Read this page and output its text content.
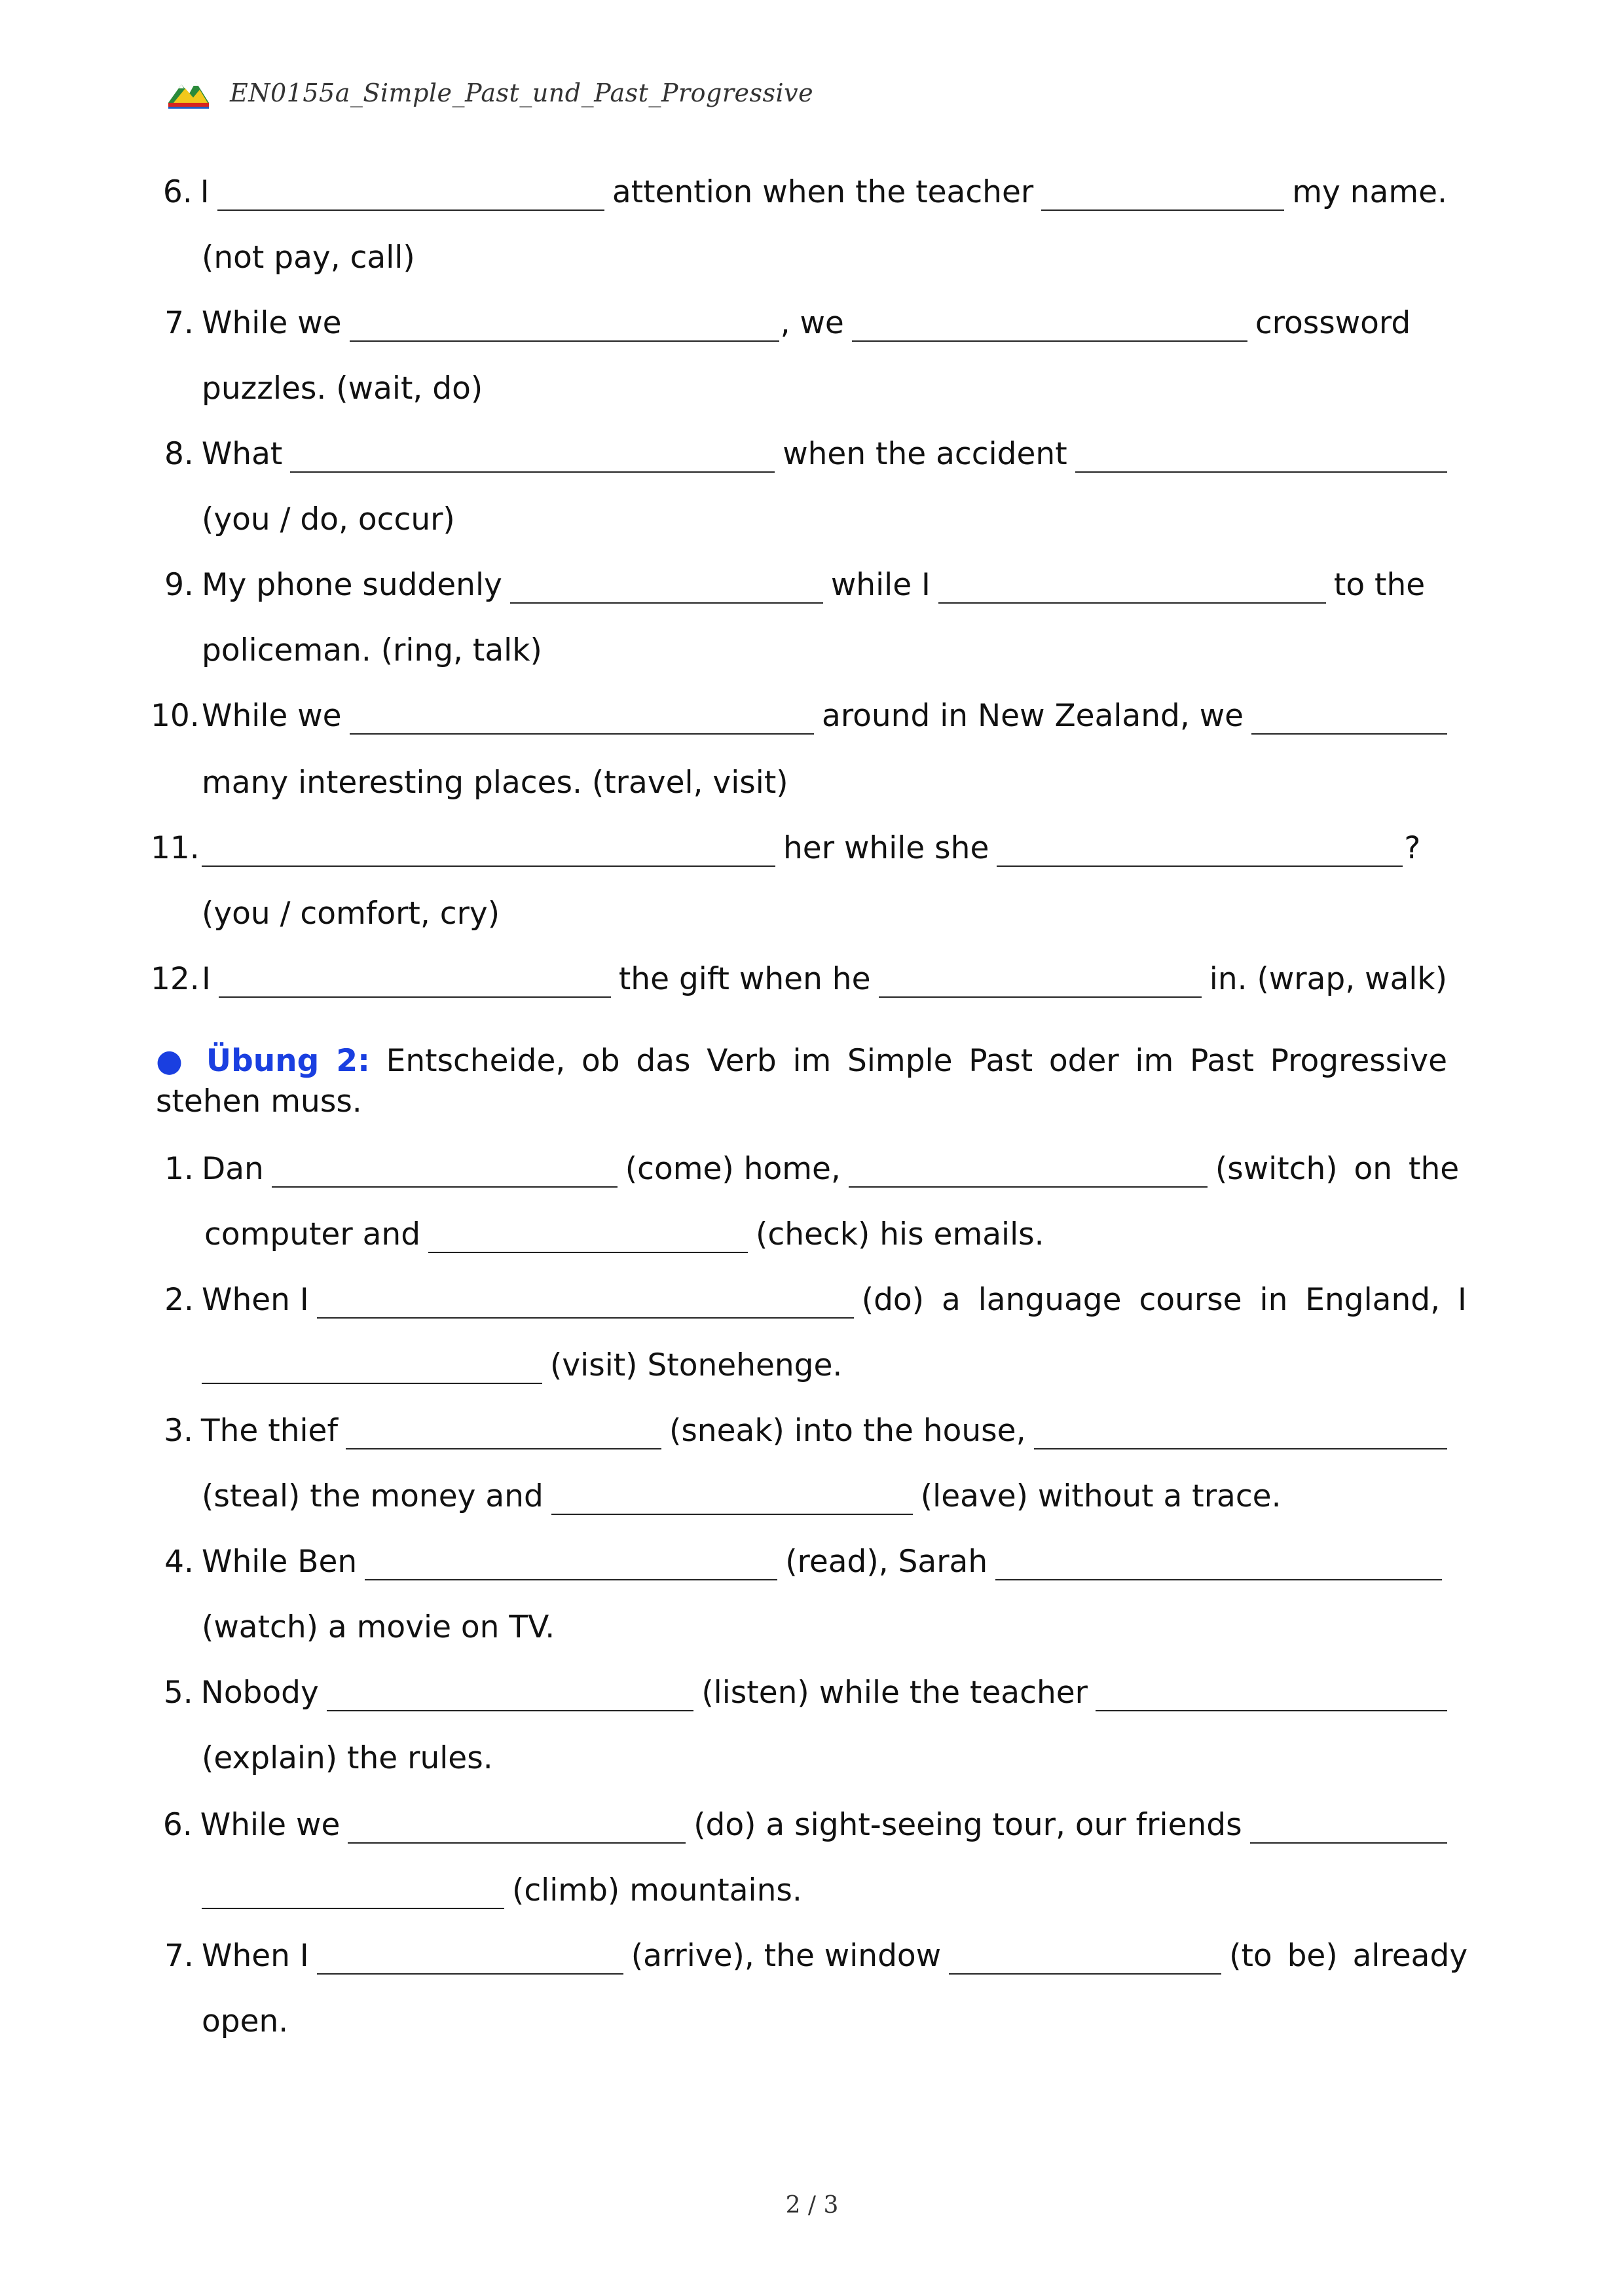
EN0155a_Simple_Past_und_Past_Progressive
6. I	attention when the teacher	my name.
(not pay, call)
7. While we	, we	crossword
puzzles. (wait, do)
8. What	when the accident
(you / do, occur)
9. My phone suddenly	while I	to the
policeman. (ring, talk)
10. While we	around in New Zealand, we
many interesting places. (travel, visit)
11.	her while she	?
(you / comfort, cry)
12. I	the gift when he	in. (wrap, walk)
● Übung 2: Entscheide, ob das Verb im Simple Past oder im Past Progressive stehen muss.
1. Dan	(come) home,	(switch) on the
computer and	(check) his emails.
2. When I	(do) a language course in England, I
(visit) Stonehenge.
3. The thief	(sneak) into the house,
(steal) the money and	(leave) without a trace.
4. While Ben	(read), Sarah
(watch) a movie on TV.
5. Nobody	(listen) while the teacher
(explain) the rules.
6. While we	(do) a sight-seeing tour, our friends
(climb) mountains.
7. When I	(arrive), the window	(to be) already
open.
2 / 3
